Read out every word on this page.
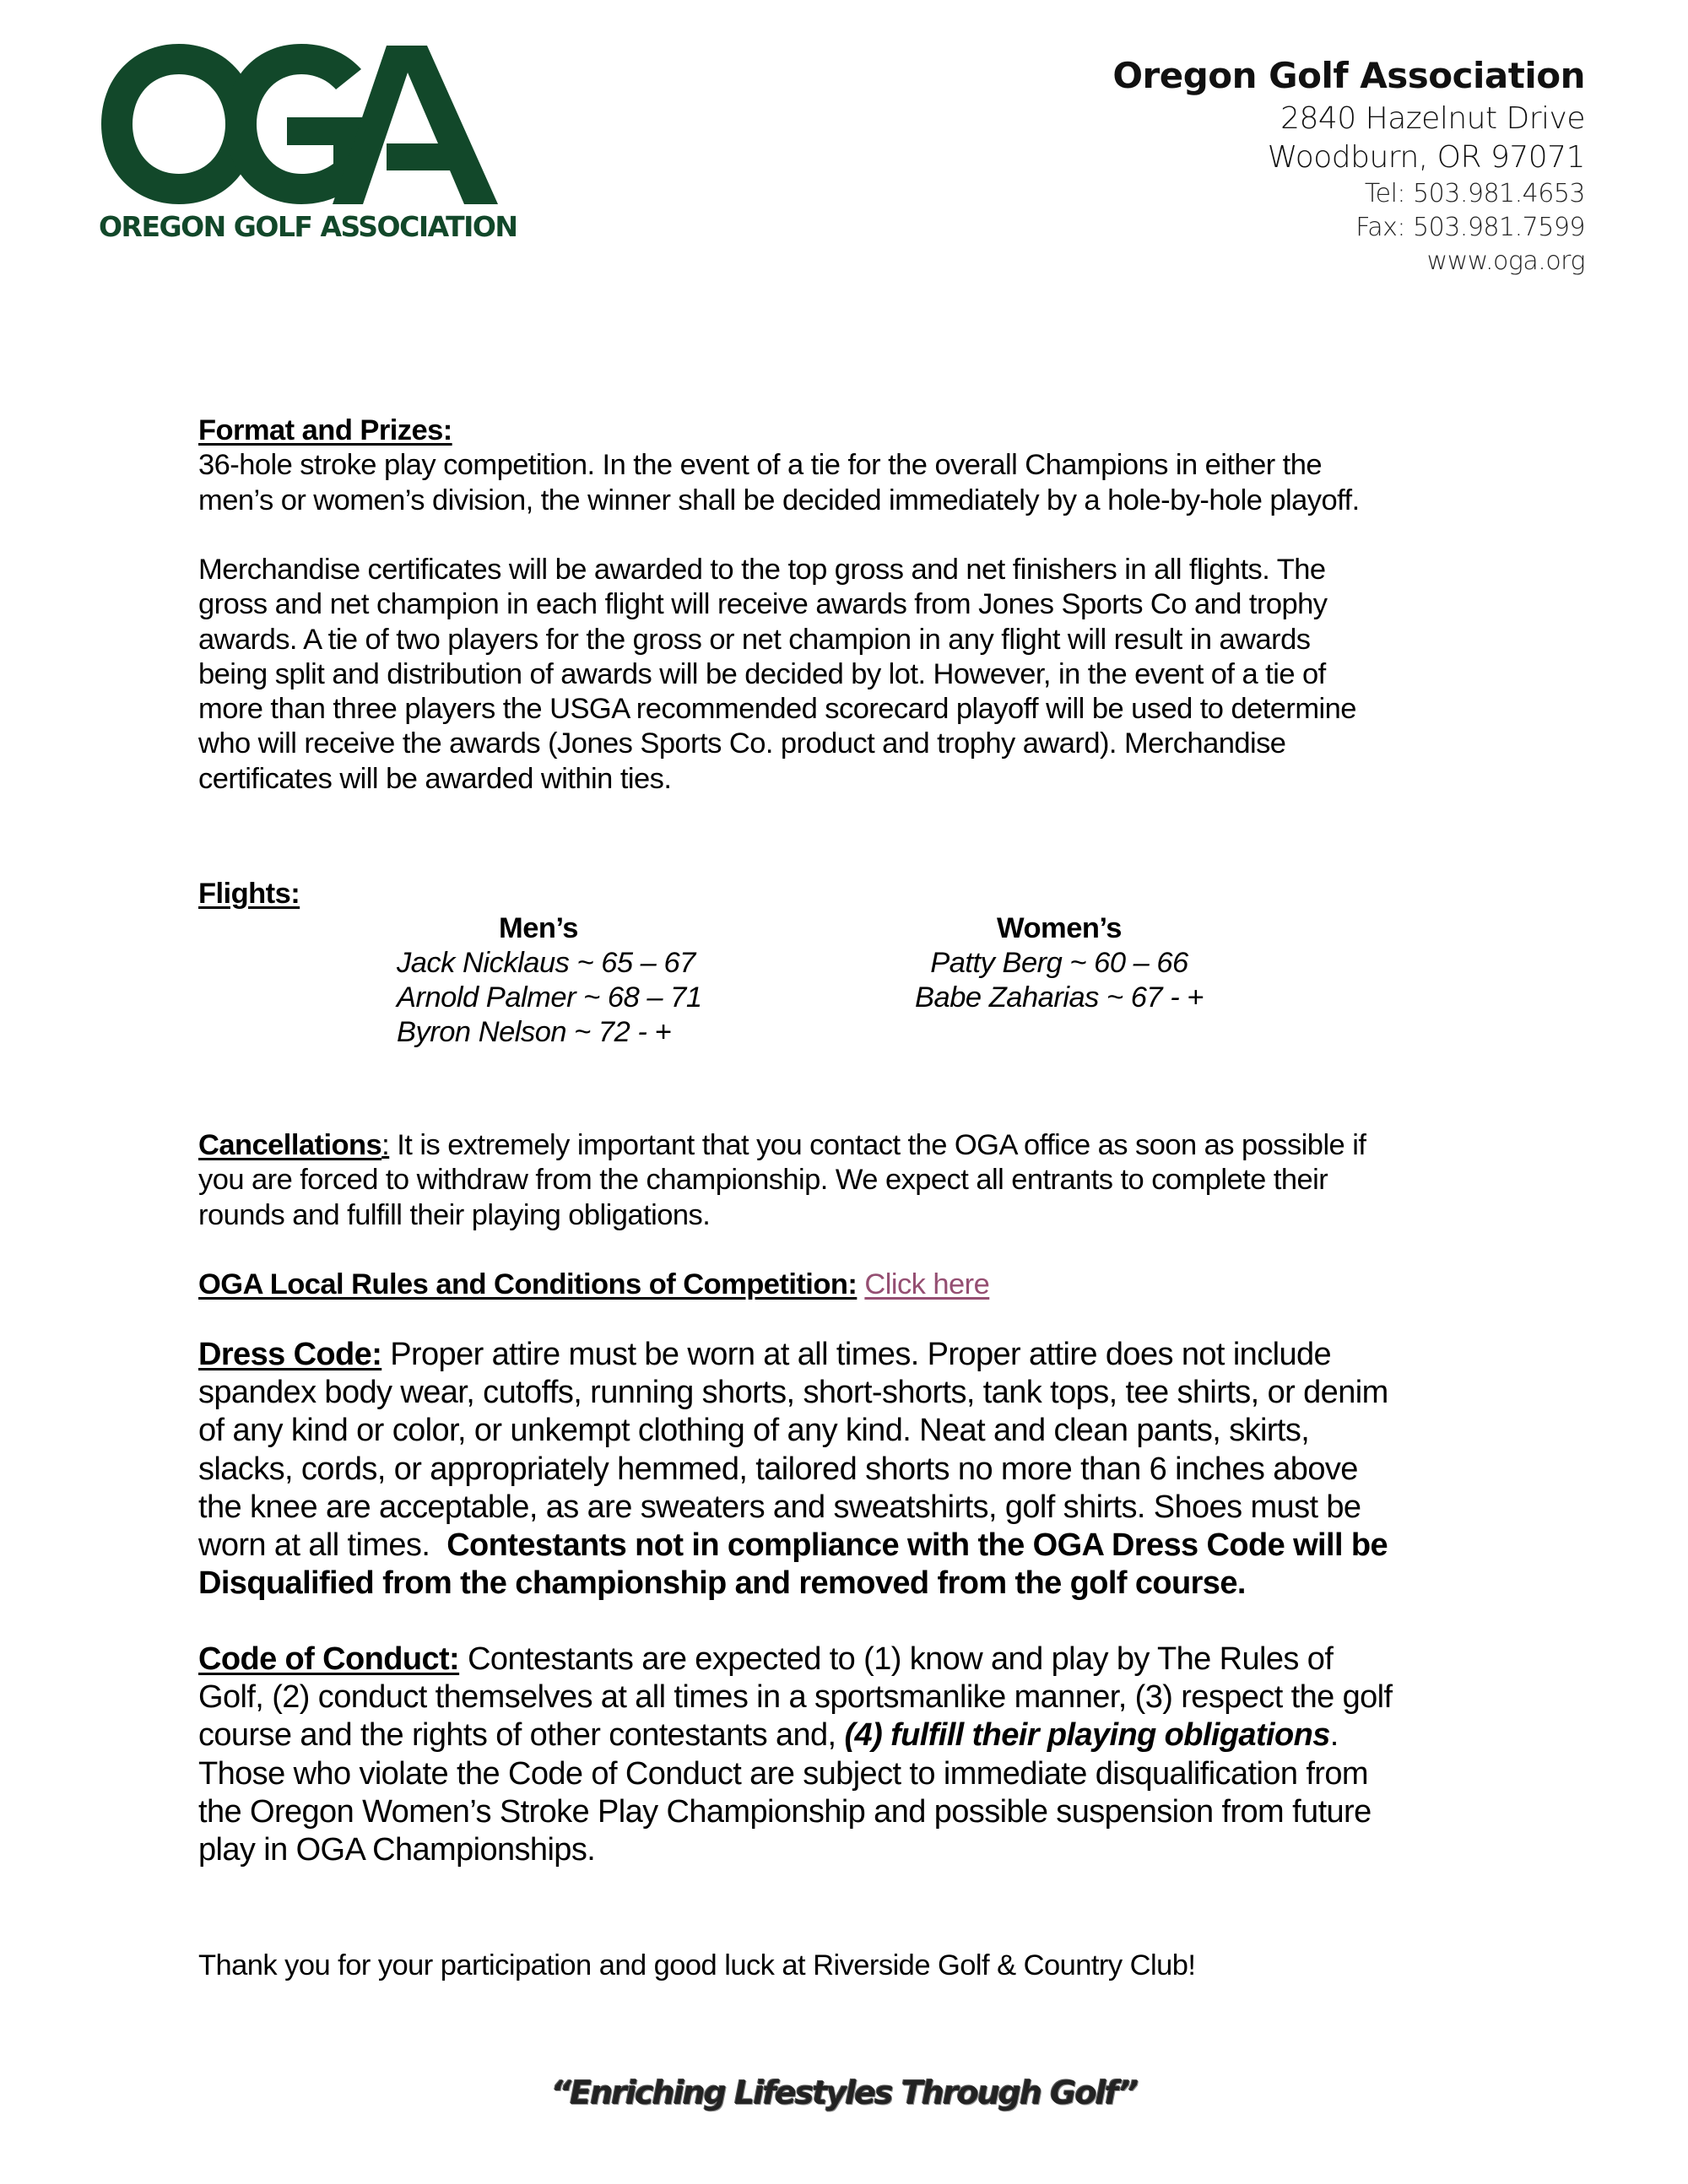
OREGON GOLF ASSOCIATION
Oregon Golf Association
2840 Hazelnut Drive
Woodburn, OR 97071
Tel: 503.981.4653
Fax: 503.981.7599
www.oga.org

Format and Prizes:
36-hole stroke play competition. In the event of a tie for the overall Champions in either the
men’s or women’s division, the winner shall be decided immediately by a hole-by-hole playoff.

Merchandise certificates will be awarded to the top gross and net finishers in all flights. The
gross and net champion in each flight will receive awards from Jones Sports Co and trophy
awards. A tie of two players for the gross or net champion in any flight will result in awards
being split and distribution of awards will be decided by lot. However, in the event of a tie of
more than three players the USGA recommended scorecard playoff will be used to determine
who will receive the awards (Jones Sports Co. product and trophy award). Merchandise
certificates will be awarded within ties.

Flights:

Men’s
Jack Nicklaus ~ 65 – 67
Arnold Palmer ~ 68 – 71
Byron Nelson ~ 72 - +
Women’s
Patty Berg ~ 60 – 66
Babe Zaharias ~ 67 - +

Cancellations: It is extremely important that you contact the OGA office as soon as possible if
you are forced to withdraw from the championship. We expect all entrants to complete their
rounds and fulfill their playing obligations.

OGA Local Rules and Conditions of Competition: Click here

Dress Code: Proper attire must be worn at all times. Proper attire does not include
spandex body wear, cutoffs, running shorts, short-shorts, tank tops, tee shirts, or denim
of any kind or color, or unkempt clothing of any kind. Neat and clean pants, skirts,
slacks, cords, or appropriately hemmed, tailored shorts no more than 6 inches above
the knee are acceptable, as are sweaters and sweatshirts, golf shirts. Shoes must be
worn at all times.  Contestants not in compliance with the OGA Dress Code will be
Disqualified from the championship and removed from the golf course.

Code of Conduct: Contestants are expected to (1) know and play by The Rules of
Golf, (2) conduct themselves at all times in a sportsmanlike manner, (3) respect the golf
course and the rights of other contestants and, (4) fulfill their playing obligations.
Those who violate the Code of Conduct are subject to immediate disqualification from
the Oregon Women’s Stroke Play Championship and possible suspension from future
play in OGA Championships.

Thank you for your participation and good luck at Riverside Golf & Country Club!

“Enriching Lifestyles Through Golf”
